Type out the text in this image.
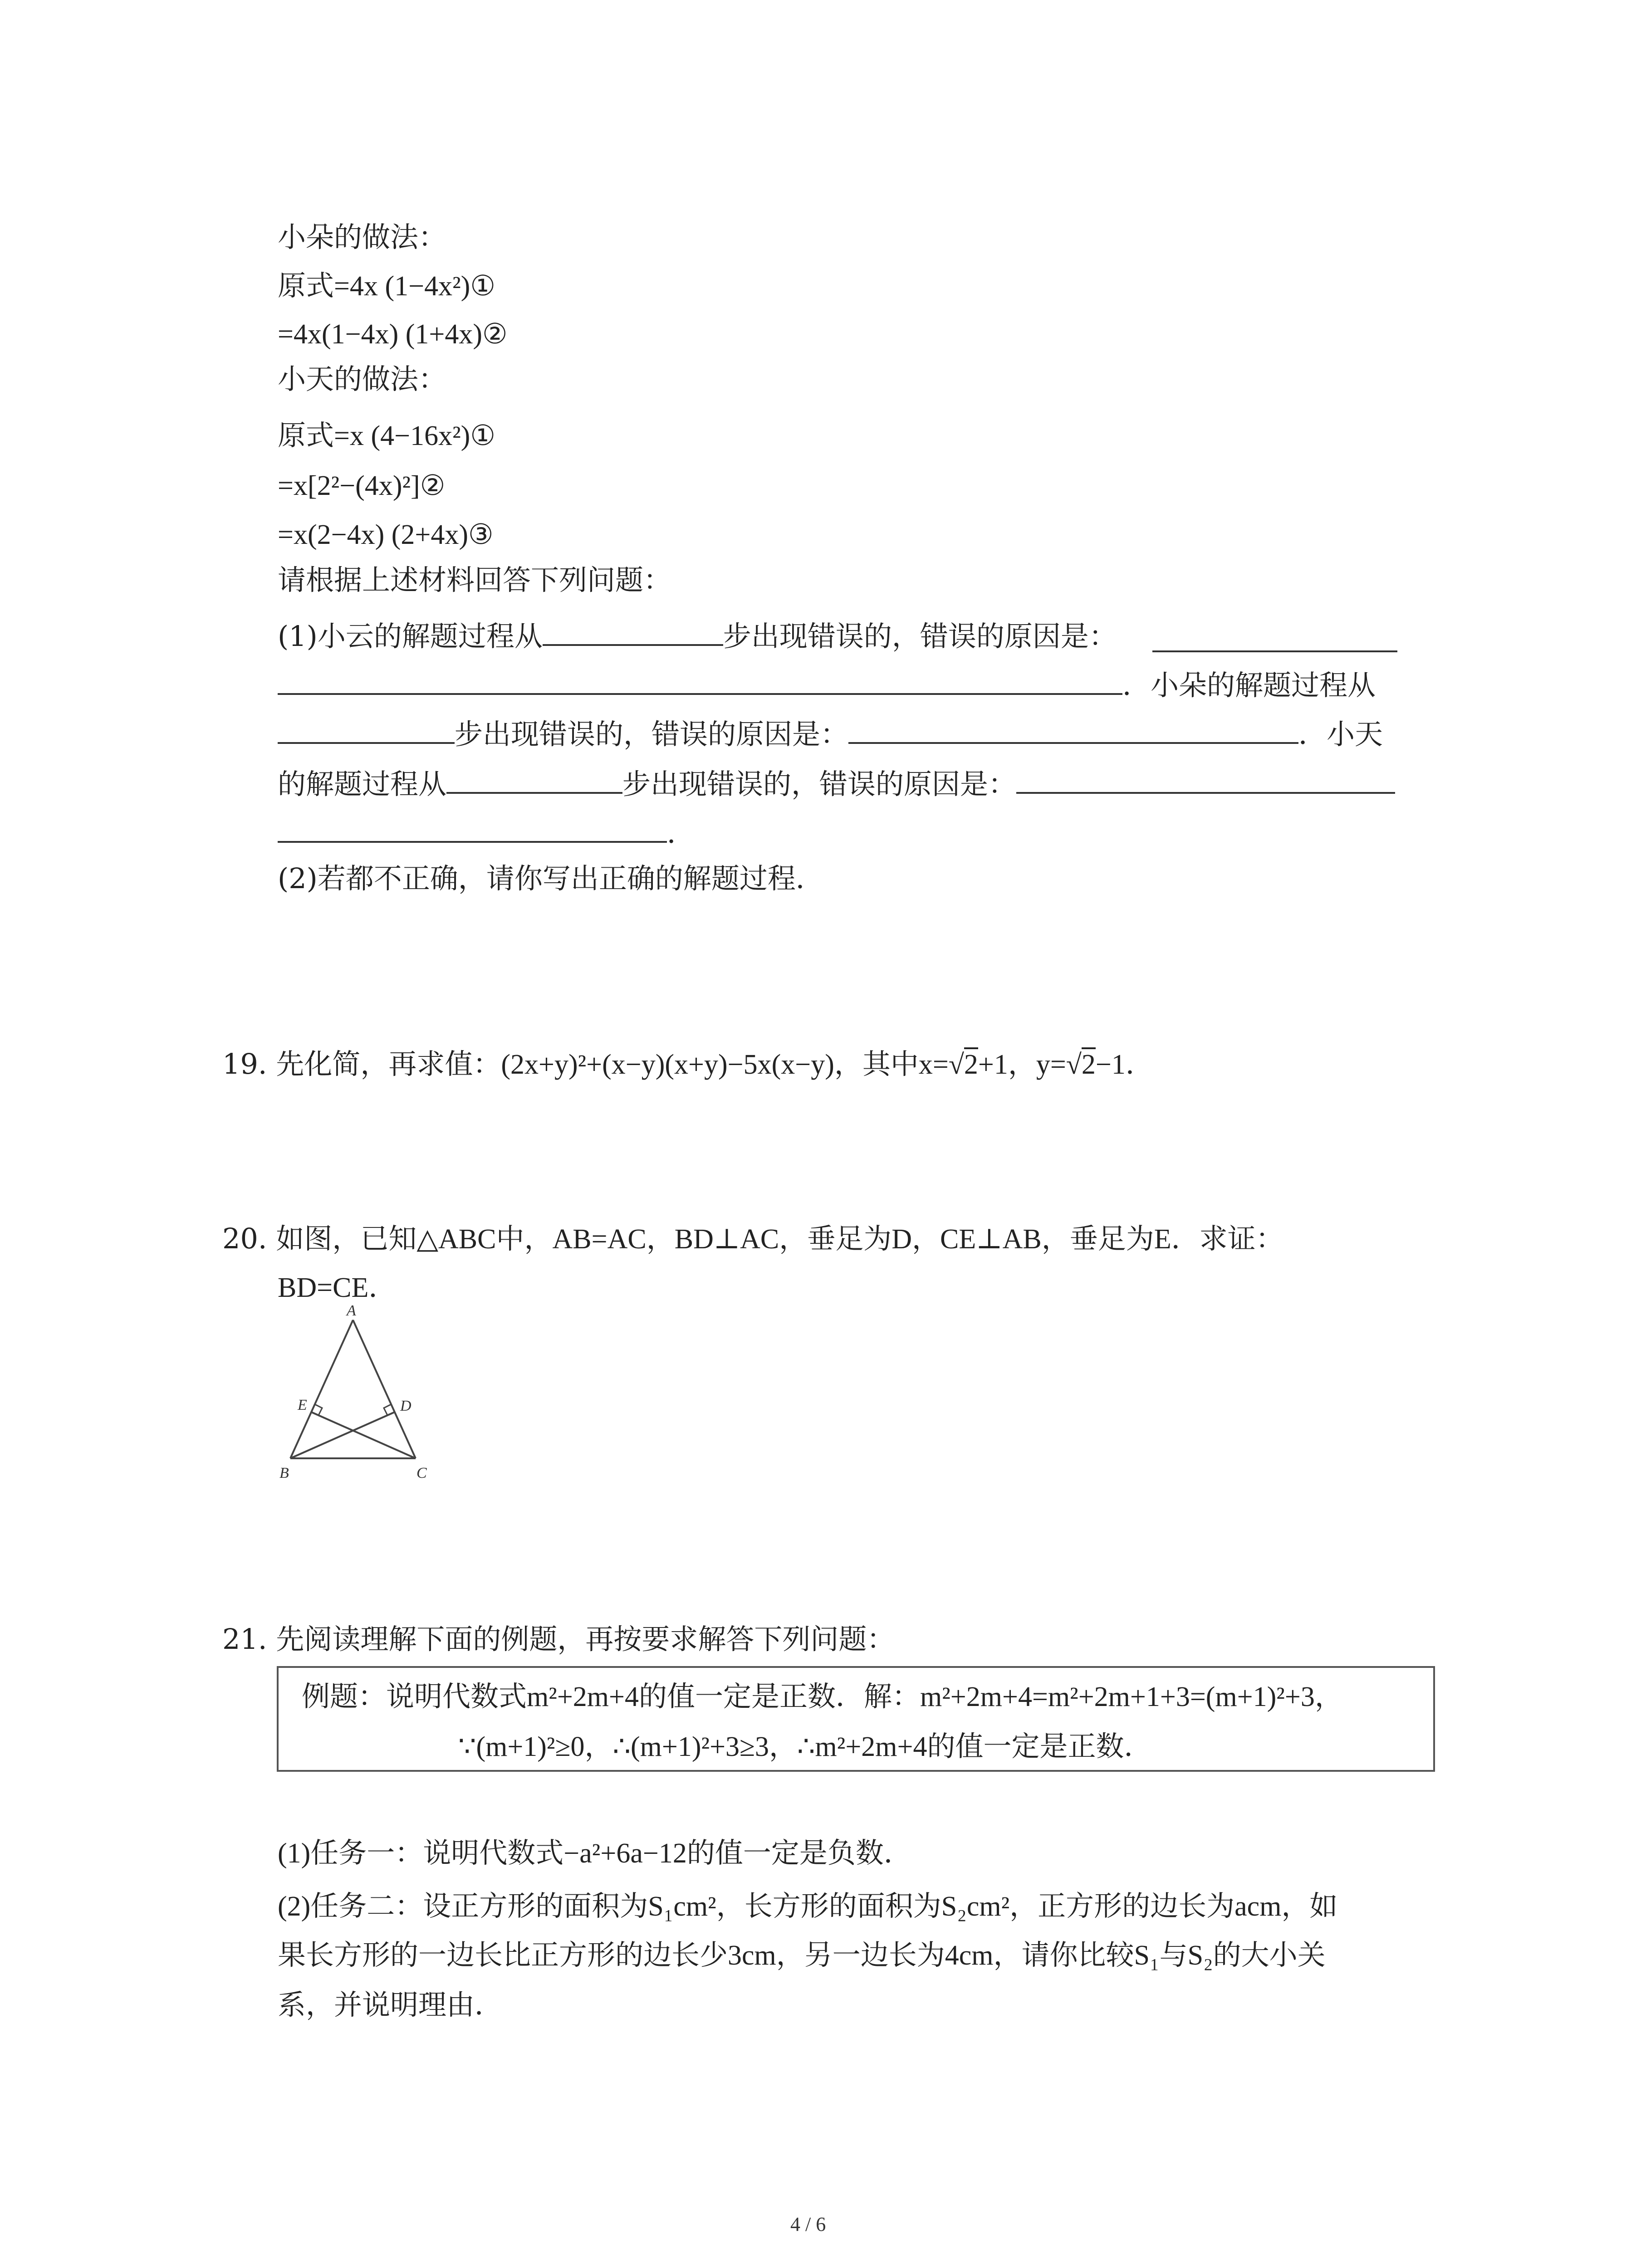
小朵的做法：
原式=4x (1−4x²)①
=4x(1−4x) (1+4x)②
小天的做法：
原式=x (4−16x²)①
=x[2²−(4x)²]②
=x(2−4x) (2+4x)③
请根据上述材料回答下列问题：
(1)小云的解题过程从	步出现错误的，错误的原因是：
．小朵的解题过程从
步出现错误的，错误的原因是：	．小天
的解题过程从	步出现错误的，错误的原因是：
．
(2)若都不正确，请你写出正确的解题过程．
19. 先化简，再求值：(2x+y)²+(x−y)(x+y)−5x(x−y)，其中x=√2+1，y=√2−1．
20. 如图，已知△ABC中，AB=AC，BD⊥AC，垂足为D，CE⊥AB，垂足为E．求证：
BD=CE．
A
B	C
D
E
21. 先阅读理解下面的例题，再按要求解答下列问题：
例题：说明代数式m²+2m+4的值一定是正数．解：m²+2m+4=m²+2m+1+3=(m+1)²+3，
∵(m+1)²≥0，∴(m+1)²+3≥3，∴m²+2m+4的值一定是正数．
(1)任务一：说明代数式−a²+6a−12的值一定是负数．
(2)任务二：设正方形的面积为S₁cm²，长方形的面积为S₂cm²，正方形的边长为acm，如
果长方形的一边长比正方形的边长少3cm，另一边长为4cm，请你比较S₁与S₂的大小关
系，并说明理由．
4 / 6
